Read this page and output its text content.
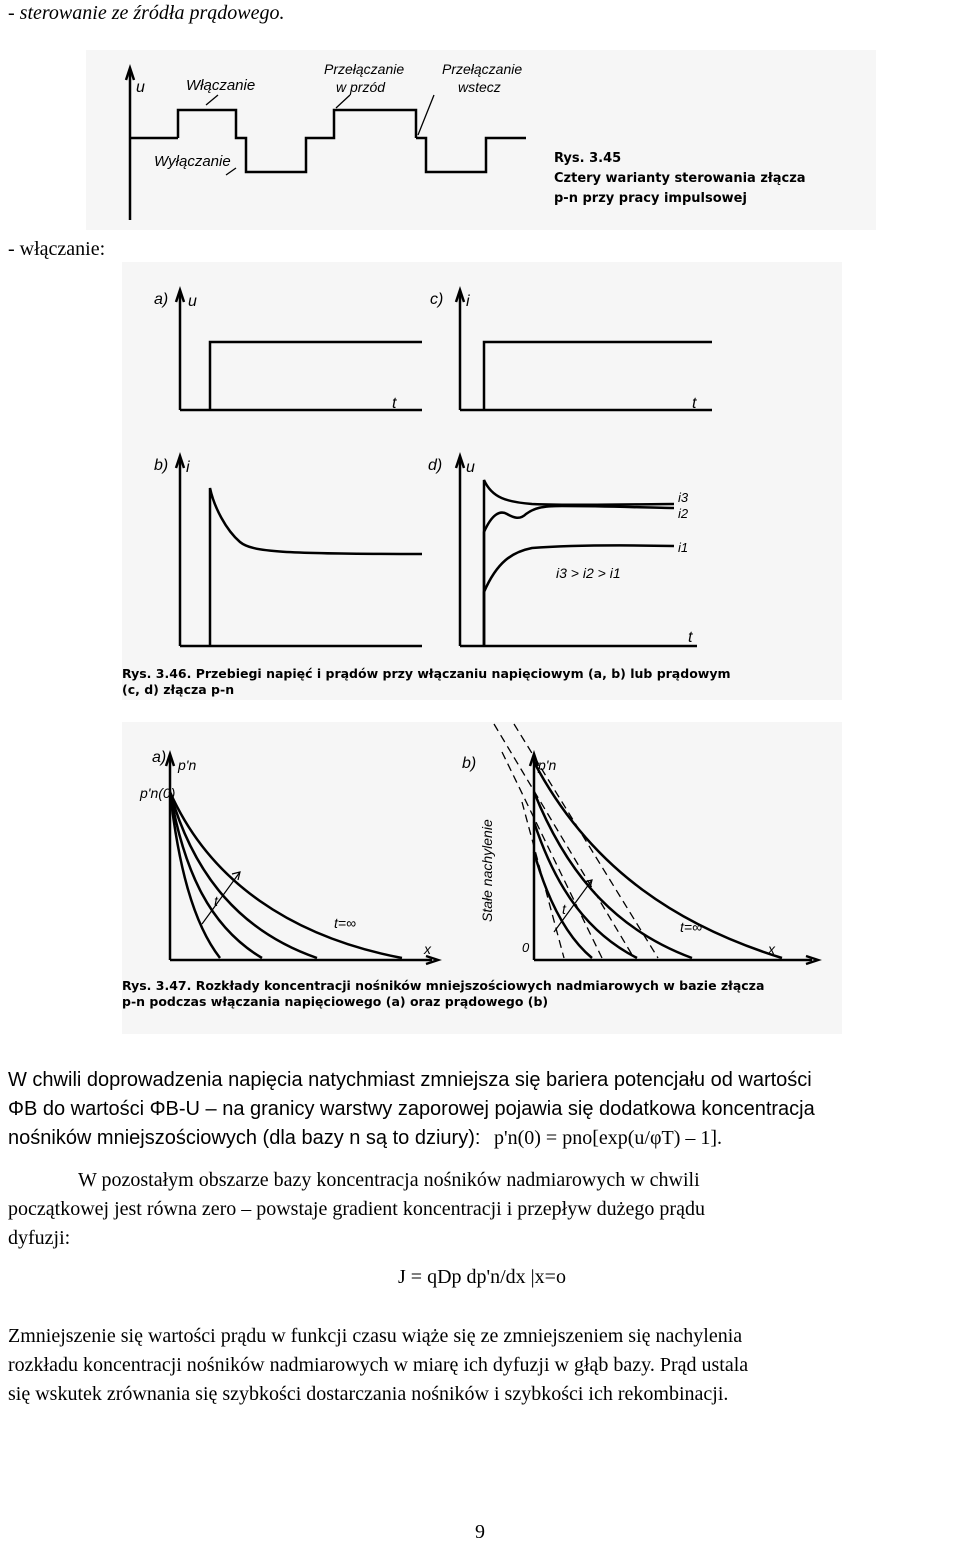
- sterowanie ze źródła prądowego.
u	Włączanie
Wyłączanie
Przełączanie
w przód
Przełączanie
wstecz
Rys. 3.45
Cztery warianty sterowania złącza
p-n przy pracy impulsowej
- włączanie:
a) u
t
c) i
t
b) i	d) u
t
i3
i2
i1
i3 > i2 > i1
Rys. 3.46. Przebiegi napięć i prądów przy włączaniu napięciowym (a, b) lub prądowym
(c, d) złącza p-n
a) p'n
p'n(0)
t
t=∞
x
b)	p'n
t
t=∞
x
0
Stałe nachylenie
Rys. 3.47. Rozkłady koncentracji nośników mniejszościowych nadmiarowych w bazie złącza
p-n podczas włączania napięciowego (a) oraz prądowego (b)
W chwili doprowadzenia napięcia natychmiast zmniejsza się bariera potencjału od wartości
ΦB do wartości ΦB-U – na granicy warstwy zaporowej pojawia się dodatkowa koncentracja
nośników mniejszościowych (dla bazy n są to dziury): p'n(0) = pno[exp(u/φT) – 1].
W pozostałym obszarze bazy koncentracja nośników nadmiarowych w chwili
początkowej jest równa zero – powstaje gradient koncentracji i przepływ dużego prądu
dyfuzji:
J = qDp dp'n/dx |x=o
Zmniejszenie się wartości prądu w funkcji czasu wiąże się ze zmniejszeniem się nachylenia
rozkładu koncentracji nośników nadmiarowych w miarę ich dyfuzji w głąb bazy. Prąd ustala
się wskutek zrównania się szybkości dostarczania nośników i szybkości ich rekombinacji.
9
